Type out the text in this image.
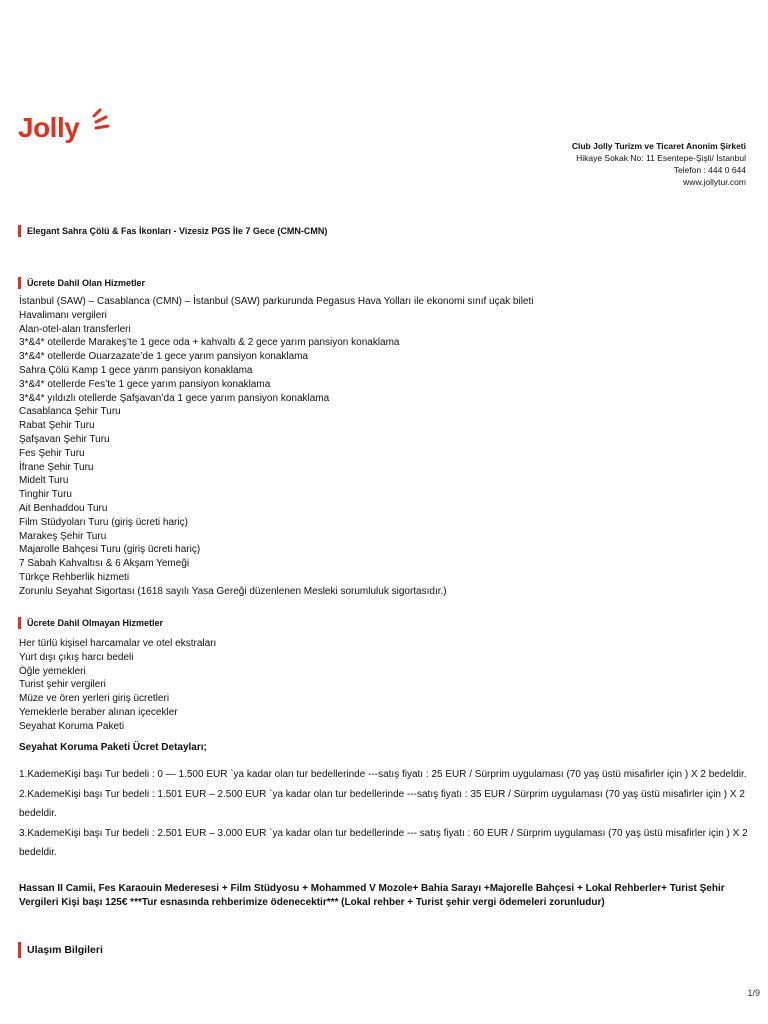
Jolly
Club Jolly Turizm ve Ticaret Anonim Şirketi
Hikaye Sokak No: 11 Esentepe-Şişli/ İstanbul
Telefon : 444 0 644
www.jollytur.com
Elegant Sahra Çölü & Fas İkonları - Vizesiz PGS İle 7 Gece (CMN-CMN)
Ücrete Dahil Olan Hizmetler
İstanbul (SAW) – Casablanca (CMN) – İstanbul (SAW) parkurunda Pegasus Hava Yolları ile ekonomi sınıf uçak bileti
Havalimanı vergileri
Alan-otel-alan transferleri
3*&4* otellerde Marakeş’te 1 gece oda + kahvaltı & 2 gece yarım pansiyon konaklama
3*&4* otellerde Ouarzazate’de 1 gece yarım pansiyon konaklama
Sahra Çölü Kamp 1 gece yarım pansiyon konaklama
3*&4* otellerde Fes’te 1 gece yarım pansiyon konaklama
3*&4* yıldızlı otellerde Şafşavan’da 1 gece yarım pansiyon konaklama
Casablanca Şehir Turu
Rabat Şehir Turu
Şafşavan Şehir Turu
Fes Şehir Turu
İfrane Şehir Turu
Midelt Turu
Tinghir Turu
Ait Benhaddou Turu
Film Stüdyoları Turu (giriş ücreti hariç)
Marakeş Şehir Turu
Majarolle Bahçesi Turu (giriş ücreti hariç)
7 Sabah Kahvaltısı & 6 Akşam Yemeği
Türkçe Rehberlik hizmeti
Zorunlu Seyahat Sigortası (1618 sayılı Yasa Gereği düzenlenen Mesleki sorumluluk sigortasıdır.)
Ücrete Dahil Olmayan Hizmetler
Her türlü kişisel harcamalar ve otel ekstraları
Yurt dışı çıkış harcı bedeli
Öğle yemekleri
Turist şehir vergileri
Müze ve ören yerleri giriş ücretleri
Yemeklerle beraber alınan içecekler
Seyahat Koruma Paketi
Seyahat Koruma Paketi Ücret Detayları;

1.KademeKişi başı Tur bedeli : 0 — 1.500 EUR `ya kadar olan tur bedellerinde ---satış fiyatı : 25 EUR / Sürprim uygulaması (70 yaş üstü misafirler için ) X 2 bedeldir.

2.KademeKişi başı Tur bedeli : 1.501 EUR – 2.500 EUR `ya kadar olan tur bedellerinde ---satış fiyatı : 35 EUR / Sürprim uygulaması (70 yaş üstü misafirler için ) X 2 bedeldir.

3.KademeKişi başı Tur bedeli : 2.501 EUR – 3.000 EUR `ya kadar olan tur bedellerinde --- satış fiyatı : 60 EUR / Sürprim uygulaması (70 yaş üstü misafirler için ) X 2 bedeldir.

Hassan II Camii, Fes Karaouin Mederesesi + Film Stüdyosu + Mohammed V Mozole+ Bahia Sarayı +Majorelle Bahçesi + Lokal Rehberler+ Turist Şehir Vergileri Kişi başı 125€ ***Tur esnasında rehberimize ödenecektir*** (Lokal rehber + Turist şehir vergi ödemeleri zorunludur)
Ulaşım Bilgileri
1/9
